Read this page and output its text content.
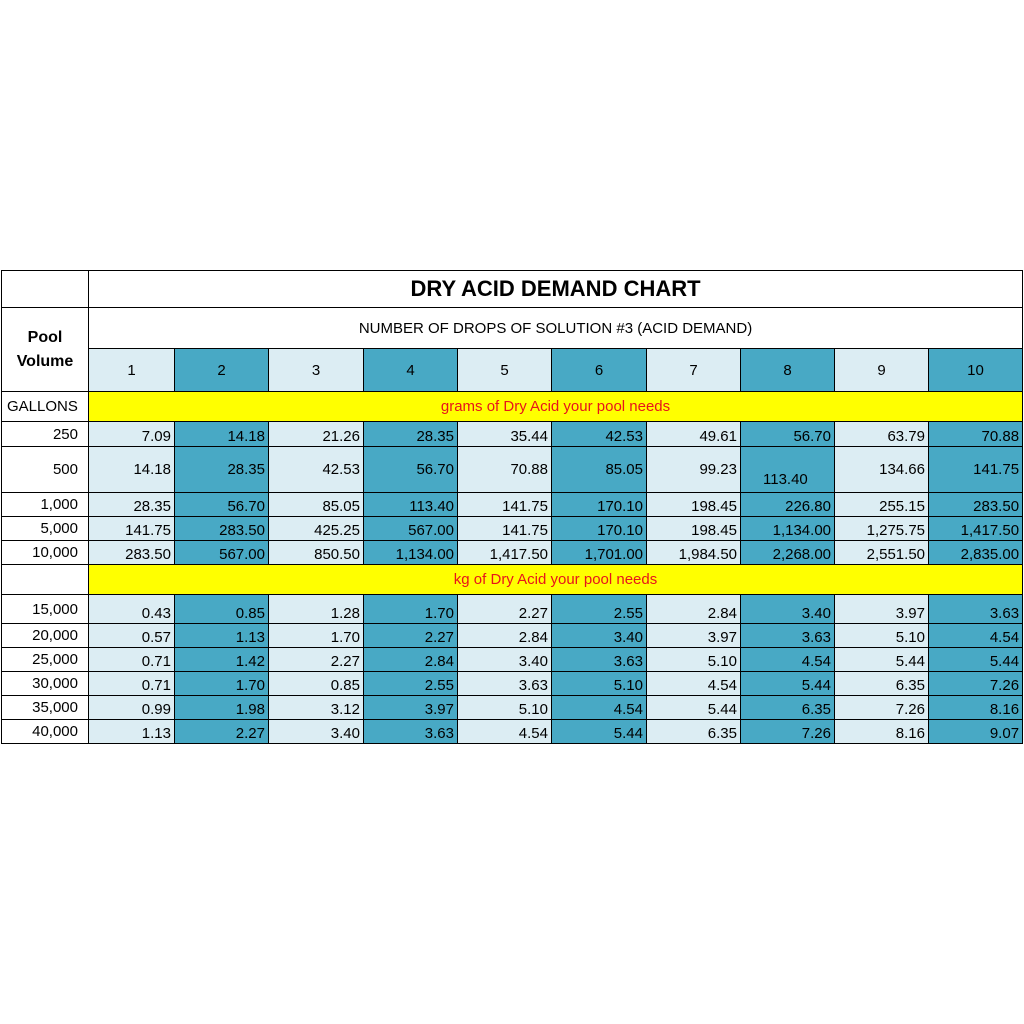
	DRY ACID DEMAND CHART									
Pool
Volume	NUMBER OF DROPS OF SOLUTION #3 (ACID DEMAND)									
	1	2	3	4	5	6	7	8	9	10
GALLONS	grams of Dry Acid your pool needs									
250	7.09	14.18	21.26	28.35	35.44	42.53	49.61	56.70	63.79	70.88
500	14.18	28.35	42.53	56.70	70.88	85.05	99.23	113.40	134.66	141.75
1,000	28.35	56.70	85.05	113.40	141.75	170.10	198.45	226.80	255.15	283.50
5,000	141.75	283.50	425.25	567.00	141.75	170.10	198.45	1,134.00	1,275.75	1,417.50
10,000	283.50	567.00	850.50	1,134.00	1,417.50	1,701.00	1,984.50	2,268.00	2,551.50	2,835.00
	kg of Dry Acid your pool needs									
15,000	0.43	0.85	1.28	1.70	2.27	2.55	2.84	3.40	3.97	3.63
20,000	0.57	1.13	1.70	2.27	2.84	3.40	3.97	3.63	5.10	4.54
25,000	0.71	1.42	2.27	2.84	3.40	3.63	5.10	4.54	5.44	5.44
30,000	0.71	1.70	0.85	2.55	3.63	5.10	4.54	5.44	6.35	7.26
35,000	0.99	1.98	3.12	3.97	5.10	4.54	5.44	6.35	7.26	8.16
40,000	1.13	2.27	3.40	3.63	4.54	5.44	6.35	7.26	8.16	9.07
